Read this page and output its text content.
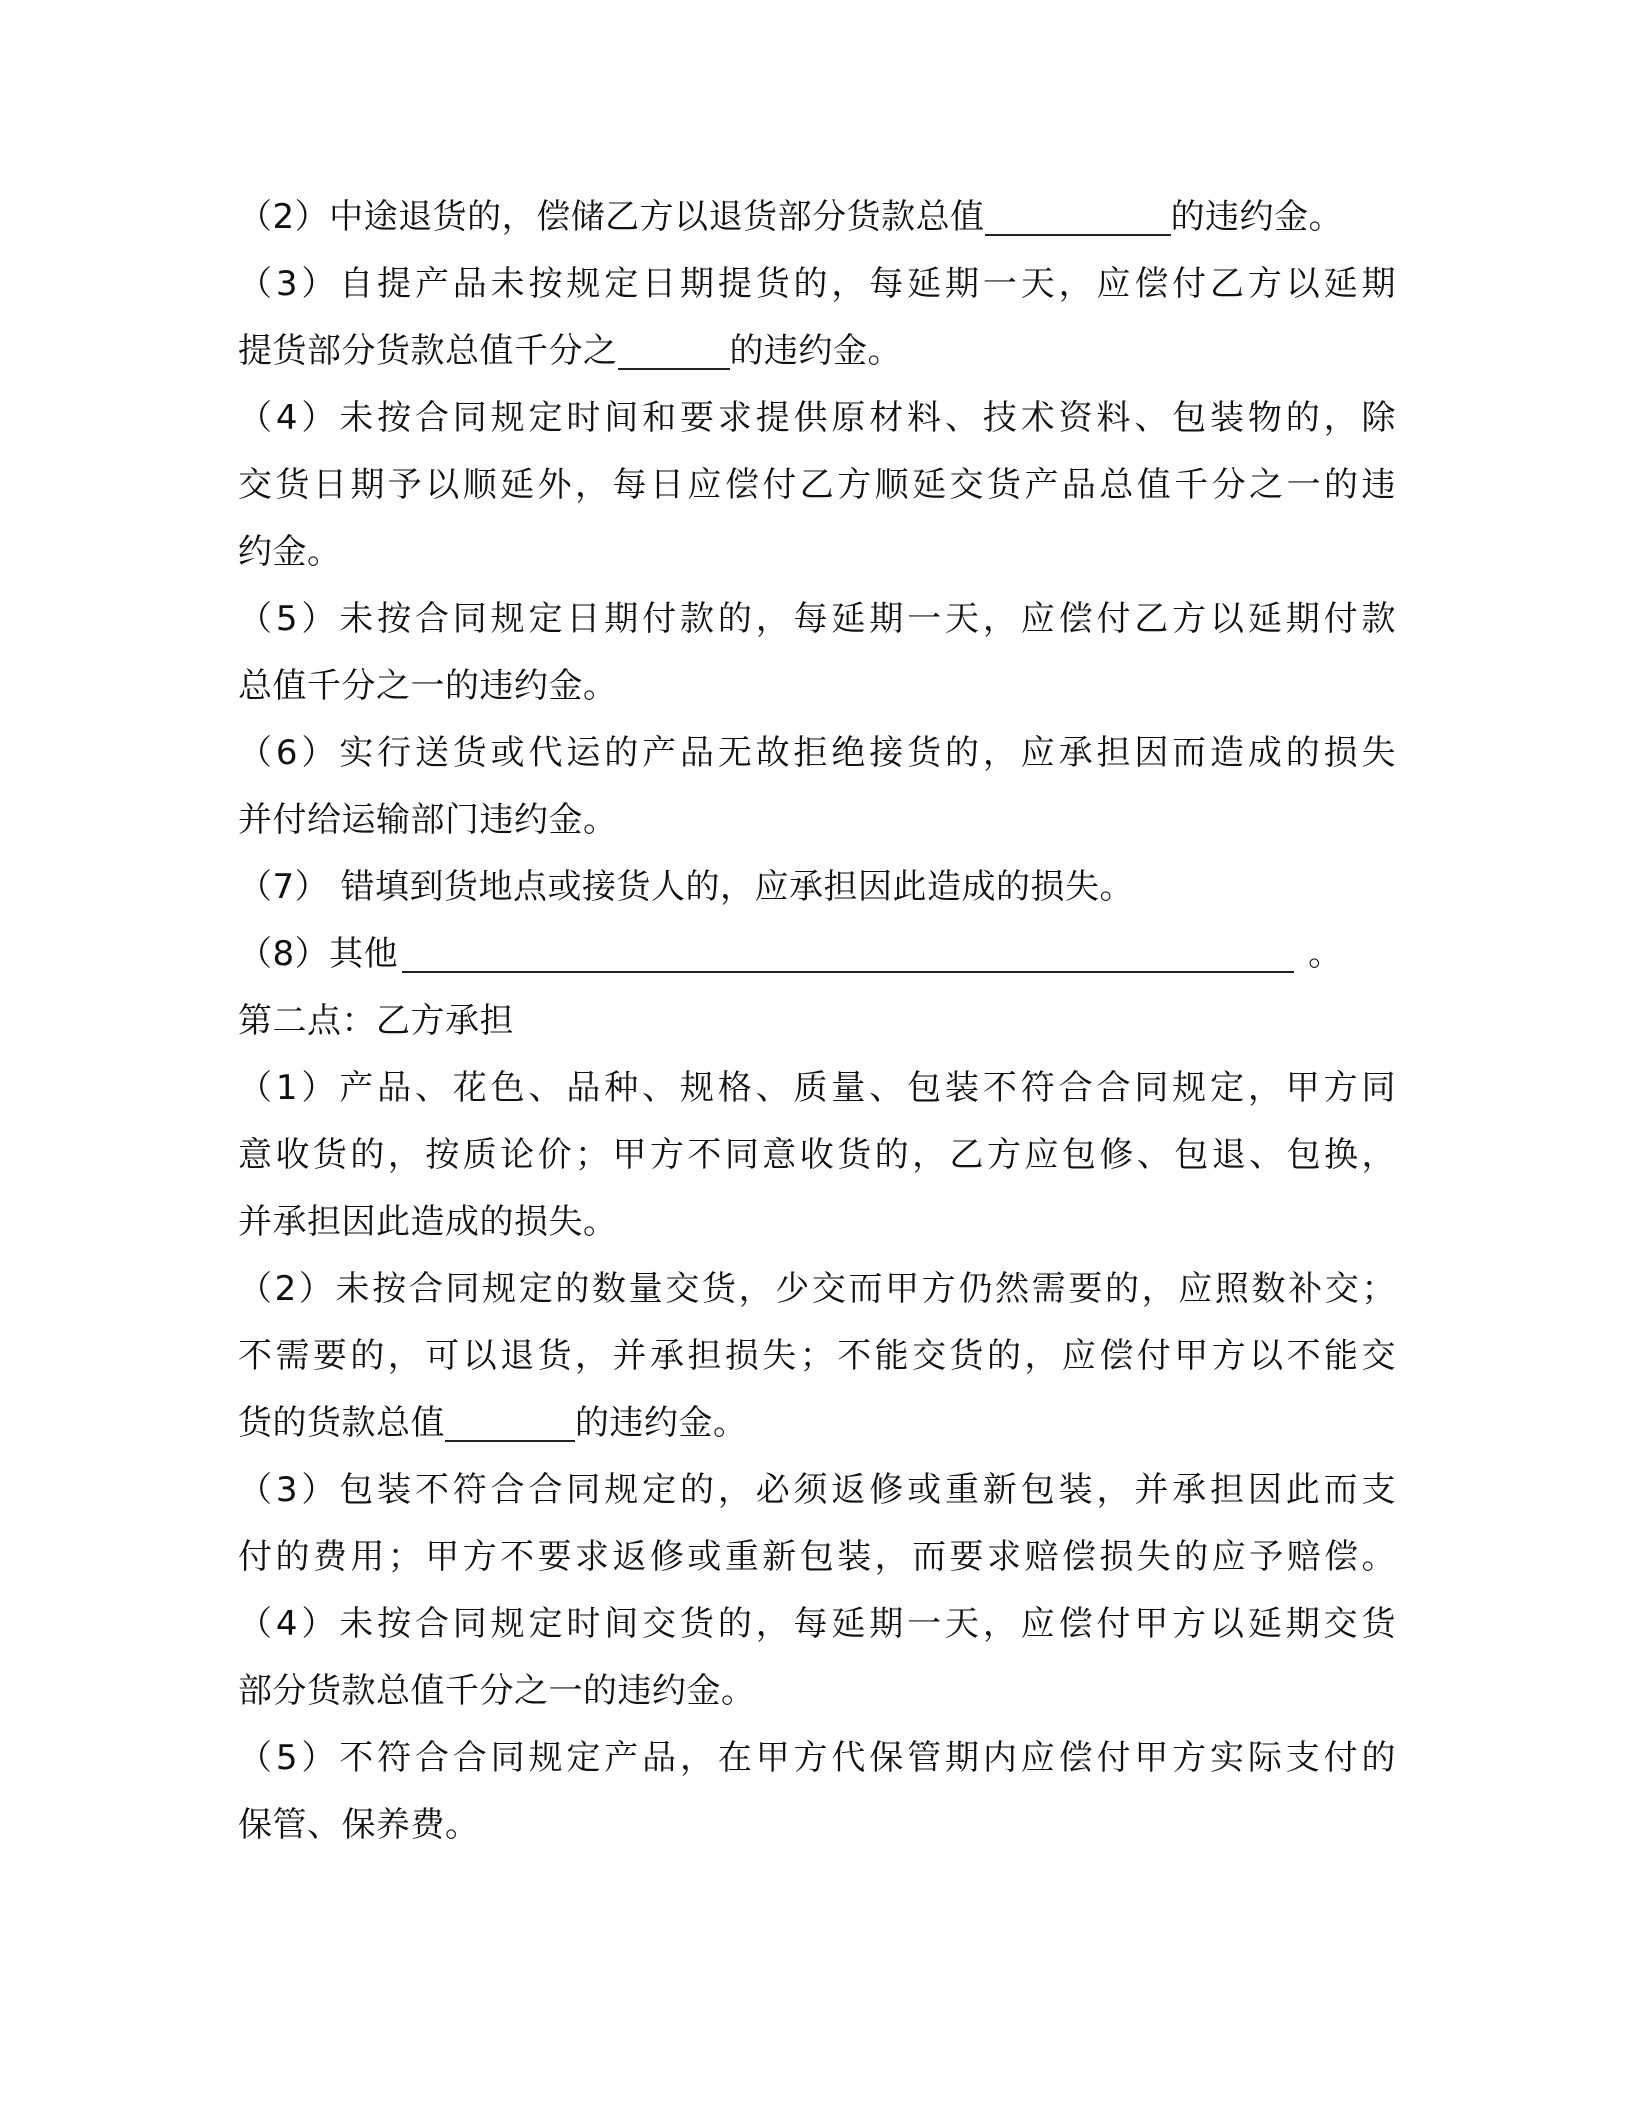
（2）中途退货的，偿储乙方以退货部分货款总值	的违约金。
（3）自提产品未按规定日期提货的，每延期一天，应偿付乙方以延期
提货部分货款总值千分之	的违约金。
（4）未按合同规定时间和要求提供原材料、技术资料、包装物的，除
交货日期予以顺延外，每日应偿付乙方顺延交货产品总值千分之一的违
约金。
（5）未按合同规定日期付款的，每延期一天，应偿付乙方以延期付款
总值千分之一的违约金。
（6）实行送货或代运的产品无故拒绝接货的，应承担因而造成的损失
并付给运输部门违约金。
（7） 错填到货地点或接货人的，应承担因此造成的损失。
（8）其他	。
第二点：乙方承担
（1）产品、花色、品种、规格、质量、包装不符合合同规定，甲方同
意收货的，按质论价；甲方不同意收货的，乙方应包修、包退、包换，
并承担因此造成的损失。
（2）未按合同规定的数量交货，少交而甲方仍然需要的，应照数补交；
不需要的，可以退货，并承担损失；不能交货的，应偿付甲方以不能交
货的货款总值	的违约金。
（3）包装不符合合同规定的，必须返修或重新包装，并承担因此而支
付的费用；甲方不要求返修或重新包装，而要求赔偿损失的应予赔偿。
（4）未按合同规定时间交货的，每延期一天，应偿付甲方以延期交货
部分货款总值千分之一的违约金。
（5）不符合合同规定产品，在甲方代保管期内应偿付甲方实际支付的
保管、保养费。
